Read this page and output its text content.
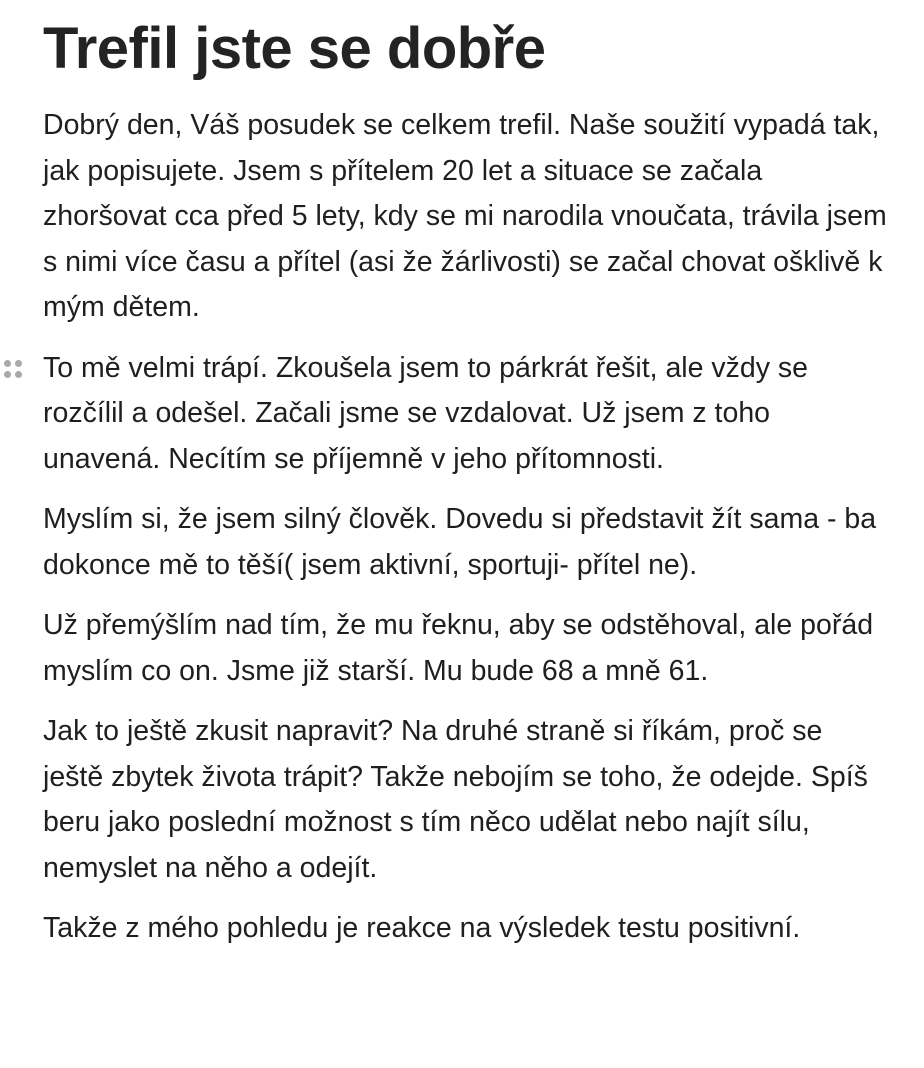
Trefil jste se dobře

Dobrý den, Váš posudek se celkem trefil. Naše soužití vypadá tak, jak popisujete. Jsem s přítelem 20 let a situace se začala zhoršovat cca před 5 lety, kdy se mi narodila vnoučata, trávila jsem s nimi více času a přítel (asi že žárlivosti) se začal chovat ošklivě k mým dětem.

To mě velmi trápí. Zkoušela jsem to párkrát řešit, ale vždy se rozčílil a odešel. Začali jsme se vzdalovat. Už jsem z toho unavená. Necítím se příjemně v jeho přítomnosti.

Myslím si, že jsem silný člověk. Dovedu si představit žít sama - ba dokonce mě to těší( jsem aktivní, sportuji- přítel ne).

Už přemýšlím nad tím, že mu řeknu, aby se odstěhoval, ale pořád myslím co on. Jsme již starší. Mu bude 68 a mně 61.

Jak to ještě zkusit napravit? Na druhé straně si říkám, proč se ještě zbytek života trápit? Takže nebojím se toho, že odejde. Spíš beru jako poslední možnost s tím něco udělat nebo najít sílu, nemyslet na něho a odejít.

Takže z mého pohledu je reakce na výsledek testu positivní.
